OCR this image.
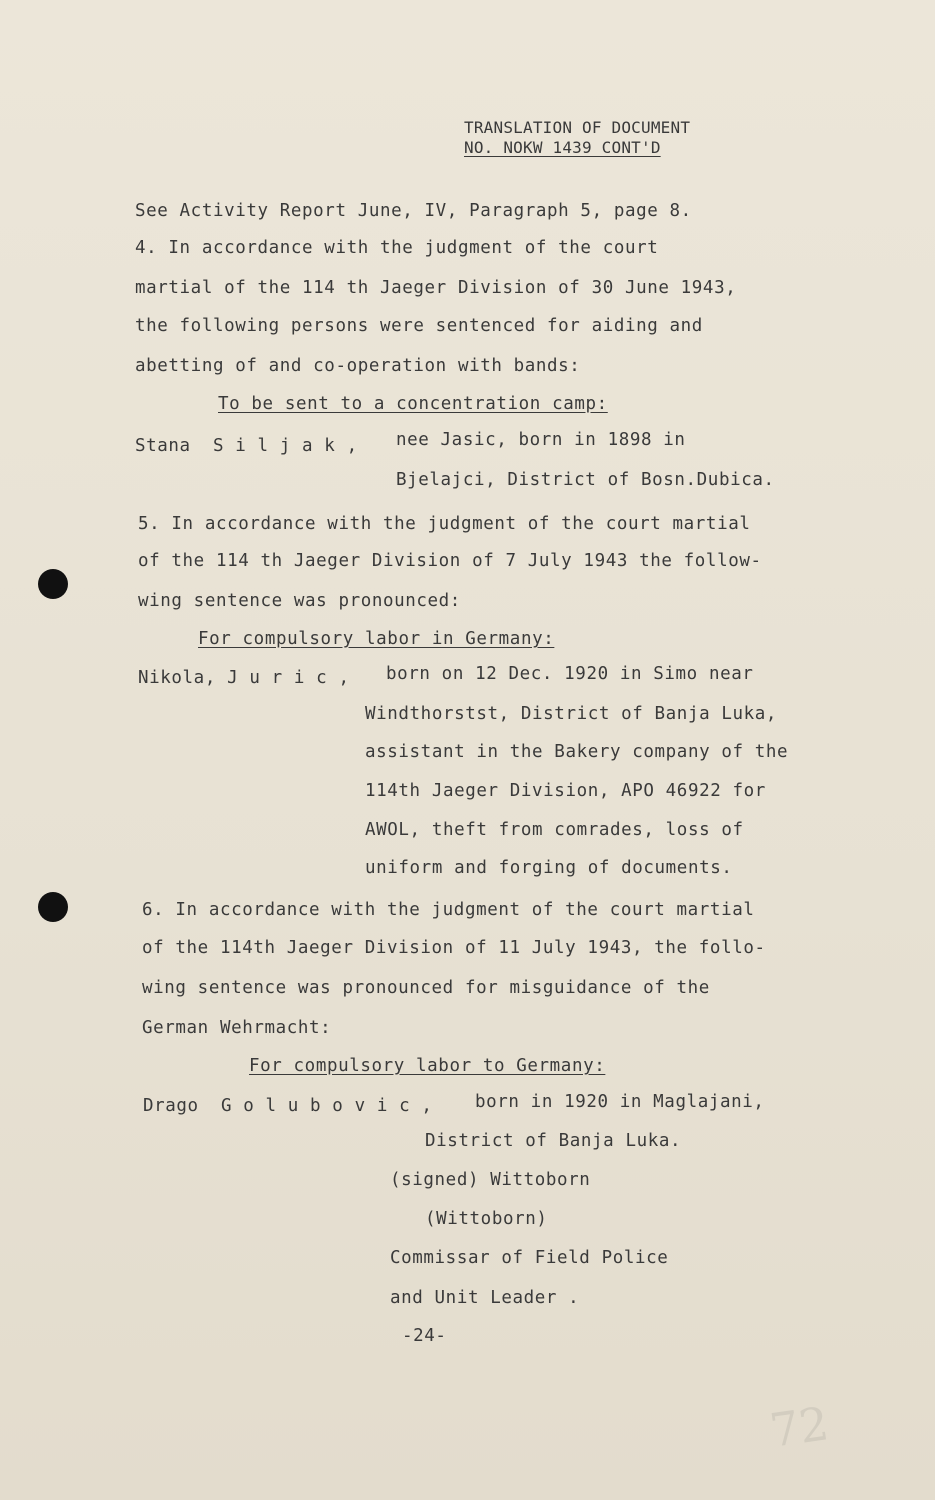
TRANSLATION OF DOCUMENT
NO. NOKW 1439 CONT'D
See Activity Report June, IV, Paragraph 5, page 8.
4. In accordance with the judgment of the court
martial of the 114 th Jaeger Division of 30 June 1943,
the following persons were sentenced for aiding and
abetting of and co-operation with bands:
To be sent to a concentration camp:
Stana  S i l j a k , nee Jasic, born in 1898 in
Bjelajci, District of Bosn.Dubica.
5. In accordance with the judgment of the court martial
of the 114 th Jaeger Division of 7 July 1943 the follow-
wing sentence was pronounced:
For compulsory labor in Germany:
Nikola, J u r i c , born on 12 Dec. 1920 in Simo near
Windthorstst, District of Banja Luka,
assistant in the Bakery company of the
114th Jaeger Division, APO 46922 for
AWOL, theft from comrades, loss of
uniform and forging of documents.
6. In accordance with the judgment of the court martial
of the 114th Jaeger Division of 11 July 1943, the follo-
wing sentence was pronounced for misguidance of the
German Wehrmacht:
For compulsory labor to Germany:
Drago  G o l u b o v i c , born in 1920 in Maglajani,
District of Banja Luka.
(signed) Wittoborn
(Wittoborn)
Commissar of Field Police
and Unit Leader .
-24-
72
